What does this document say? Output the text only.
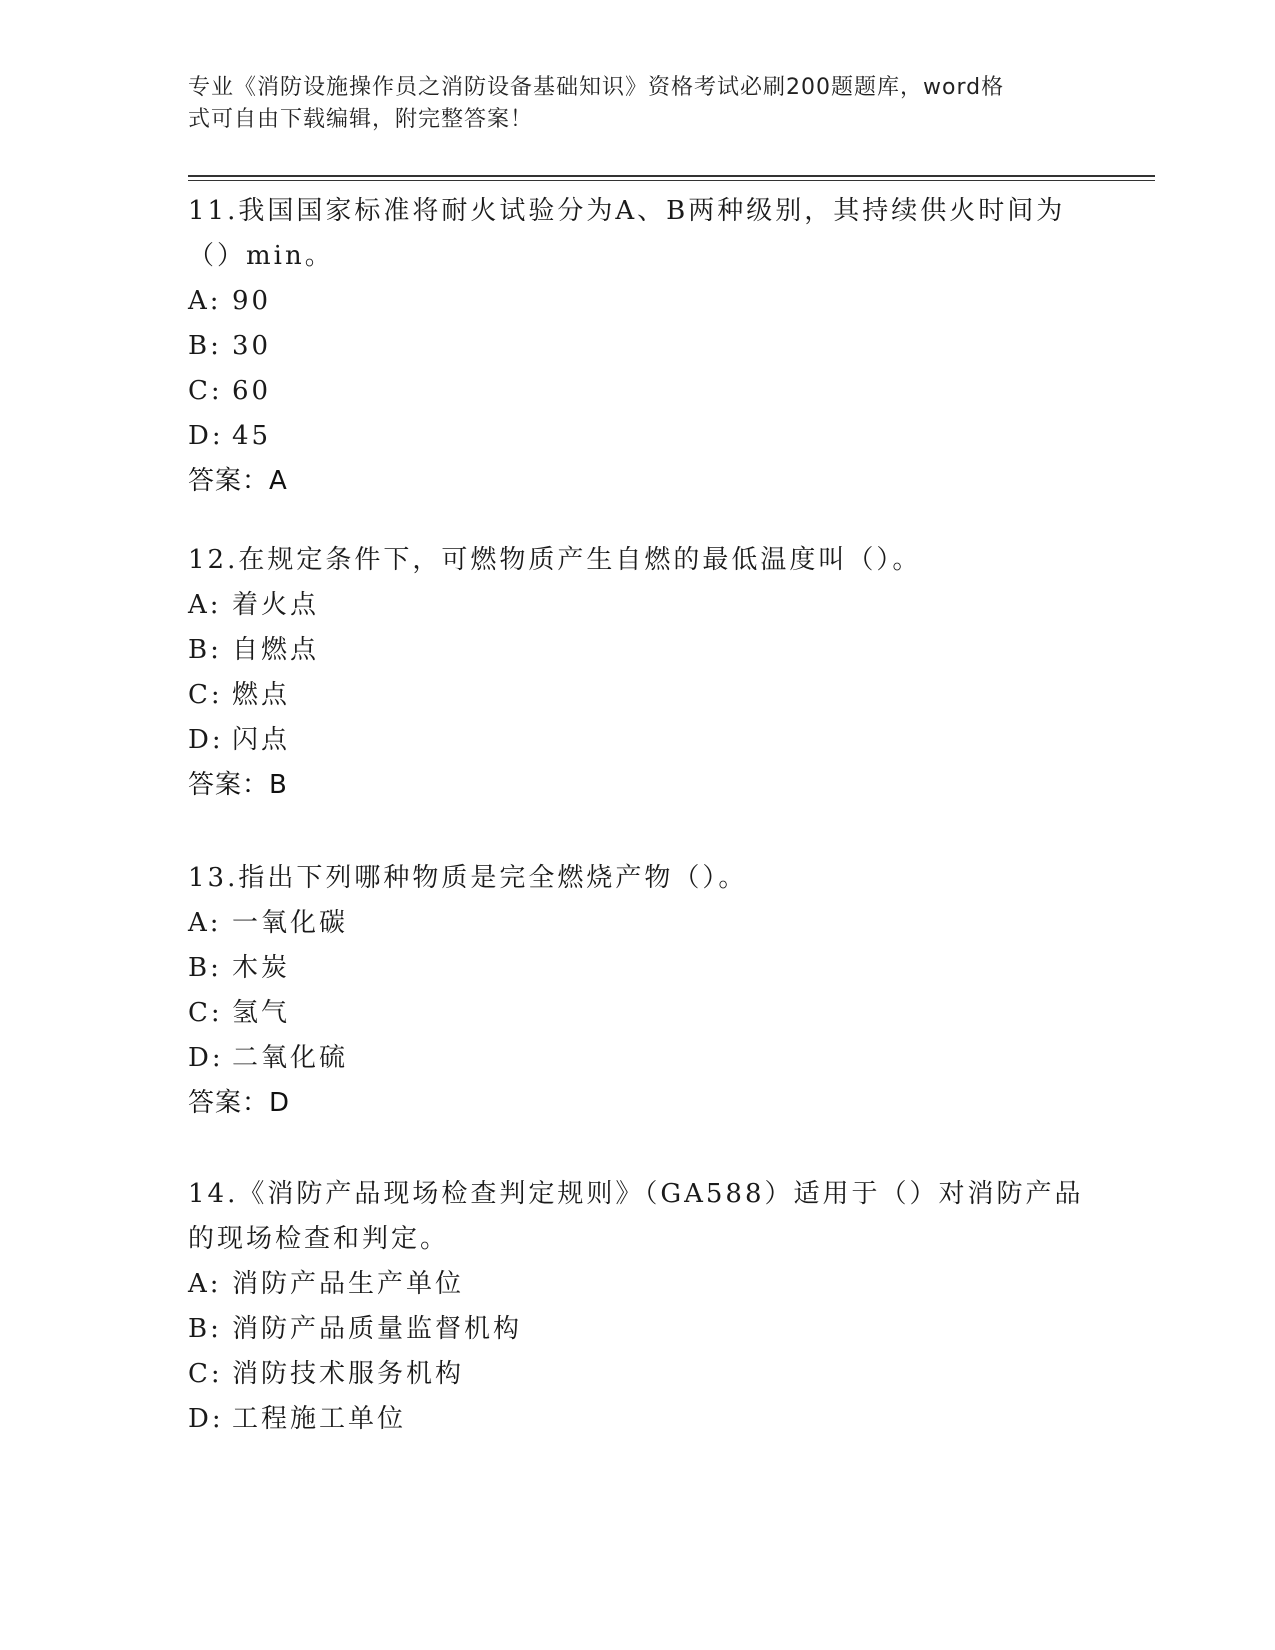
专业《消防设施操作员之消防设备基础知识》资格考试必刷200题题库，word格
式可自由下载编辑，附完整答案！

11.我国国家标准将耐火试验分为A、B两种级别，其持续供火时间为

（）min。

A: 90

B: 30

C: 60

D: 45

答案：A

12.在规定条件下，可燃物质产生自燃的最低温度叫（）。

A: 着火点

B: 自燃点

C: 燃点

D: 闪点

答案：B

13.指出下列哪种物质是完全燃烧产物（）。

A: 一氧化碳

B: 木炭

C: 氢气

D: 二氧化硫

答案：D

14.《消防产品现场检查判定规则》（GA588）适用于（）对消防产品

的现场检查和判定。

A: 消防产品生产单位

B: 消防产品质量监督机构

C: 消防技术服务机构

D: 工程施工单位
